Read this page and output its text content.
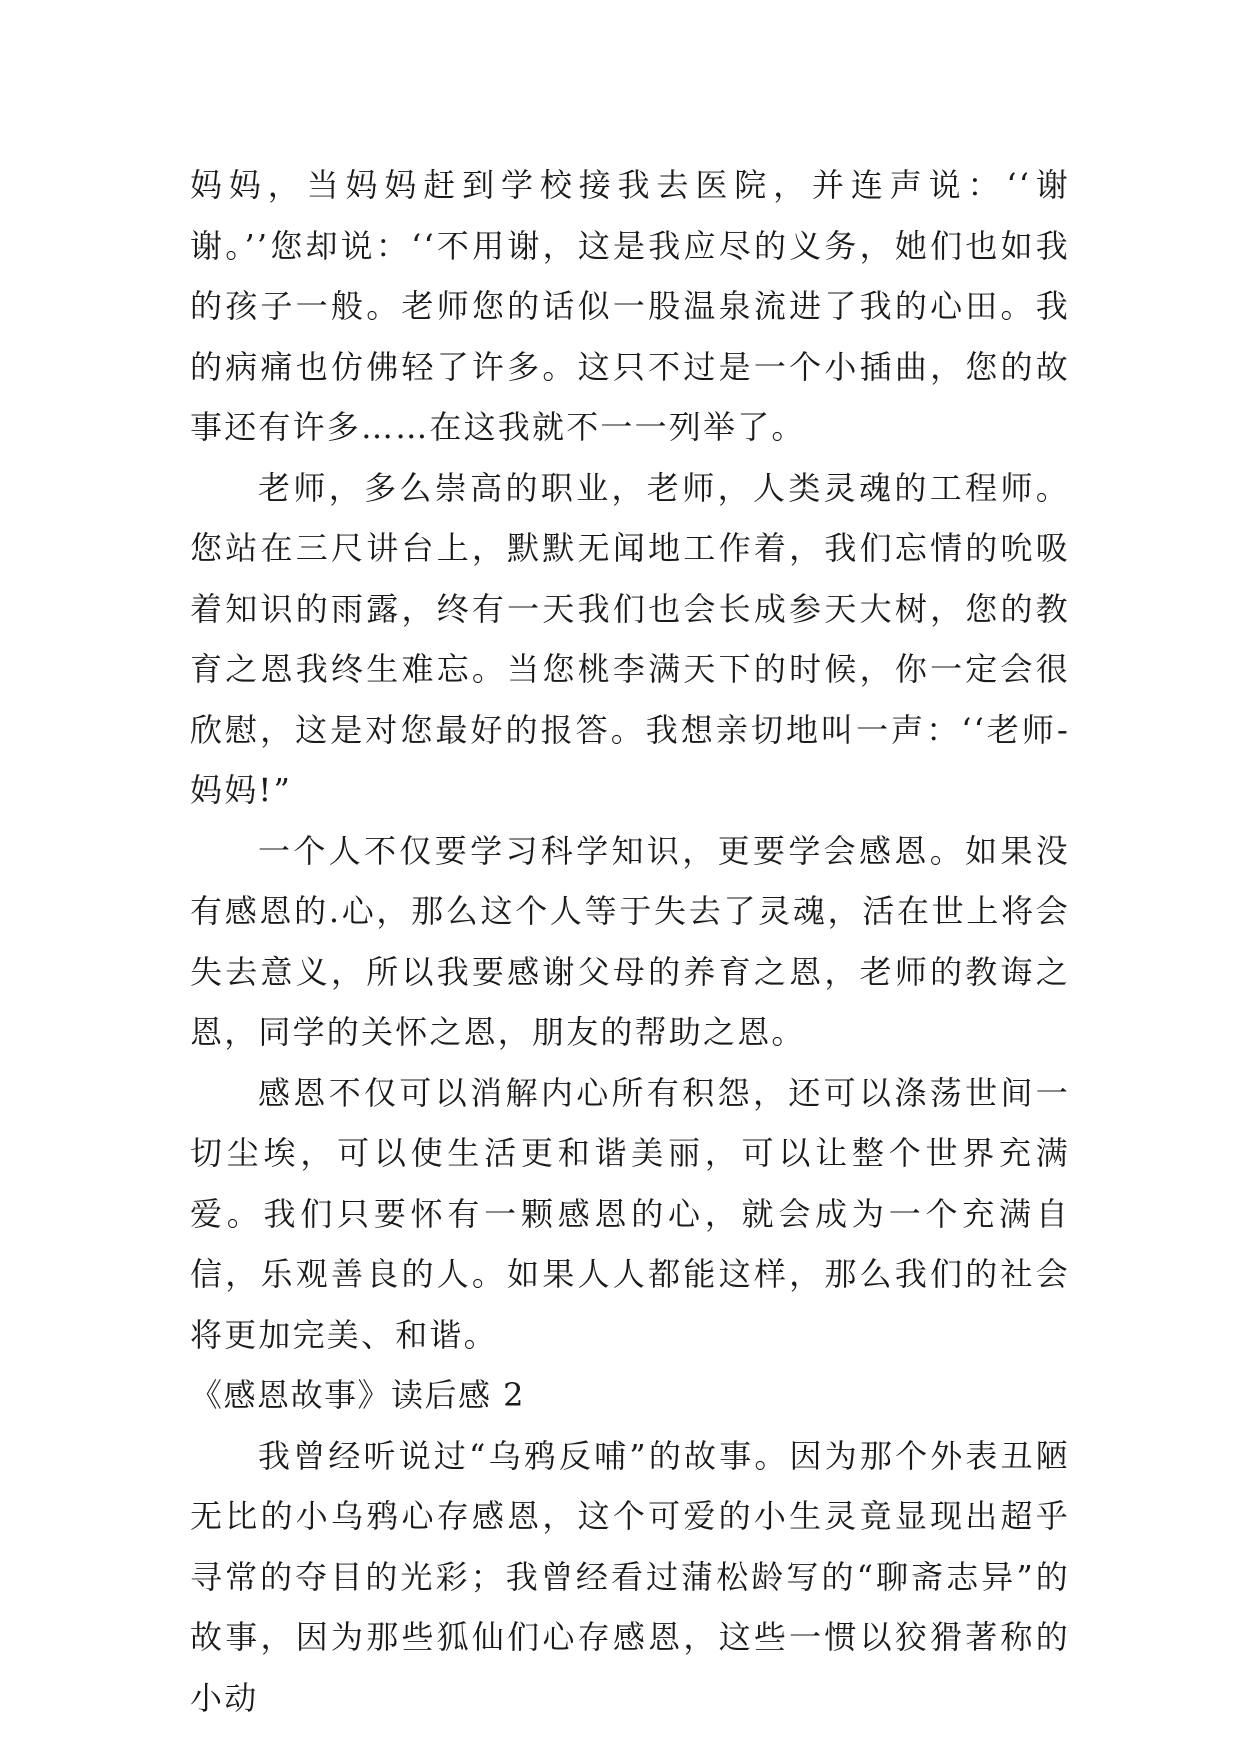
妈妈，当妈妈赶到学校接我去医院，并连声说：‘‘谢谢。’’您却说：‘‘不用谢，这是我应尽的义务，她们也如我的孩子一般。老师您的话似一股温泉流进了我的心田。我的病痛也仿佛轻了许多。这只不过是一个小插曲，您的故事还有许多……在这我就不一一列举了。

老师，多么崇高的职业，老师，人类灵魂的工程师。您站在三尺讲台上，默默无闻地工作着，我们忘情的吮吸着知识的雨露，终有一天我们也会长成参天大树，您的教育之恩我终生难忘。当您桃李满天下的时候，你一定会很欣慰，这是对您最好的报答。我想亲切地叫一声：‘‘老师-妈妈!”

一个人不仅要学习科学知识，更要学会感恩。如果没有感恩的.心，那么这个人等于失去了灵魂，活在世上将会失去意义，所以我要感谢父母的养育之恩，老师的教诲之恩，同学的关怀之恩，朋友的帮助之恩。

感恩不仅可以消解内心所有积怨，还可以涤荡世间一切尘埃，可以使生活更和谐美丽，可以让整个世界充满爱。我们只要怀有一颗感恩的心，就会成为一个充满自信，乐观善良的人。如果人人都能这样，那么我们的社会将更加完美、和谐。

《感恩故事》读后感 2

我曾经听说过“乌鸦反哺”的故事。因为那个外表丑陋无比的小乌鸦心存感恩，这个可爱的小生灵竟显现出超乎寻常的夺目的光彩；我曾经看过蒲松龄写的“聊斋志异”的故事，因为那些狐仙们心存感恩，这些一惯以狡猾著称的小动
